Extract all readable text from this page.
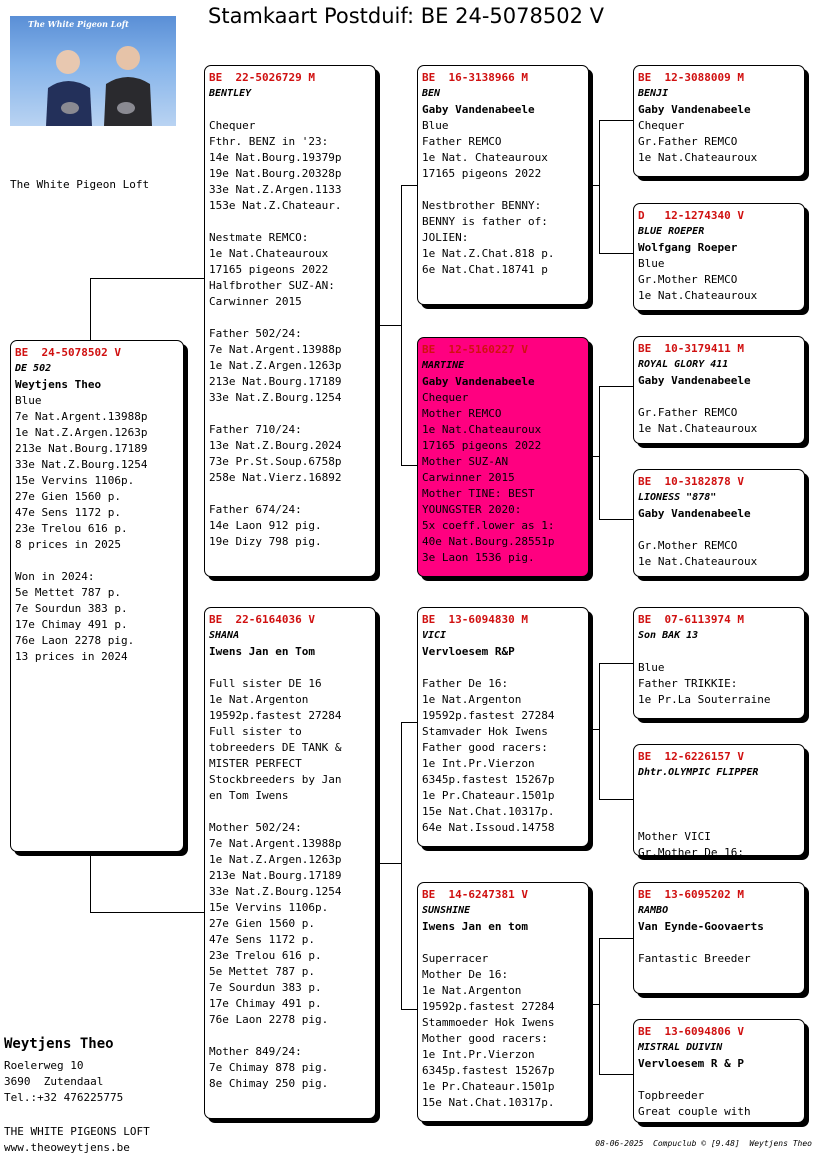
Stamkaart Postduif: BE 24-5078502 V
The White Pigeon Loft
The White Pigeon Loft
BE  24-5078502 V
DE 502
Weytjens Theo
Blue
7e Nat.Argent.13988p
1e Nat.Z.Argen.1263p
213e Nat.Bourg.17189
33e Nat.Z.Bourg.1254
15e Vervins 1106p.
27e Gien 1560 p.
47e Sens 1172 p.
23e Trelou 616 p.
8 prices in 2025
Won in 2024:
5e Mettet 787 p.
7e Sourdun 383 p.
17e Chimay 491 p.
76e Laon 2278 pig.
13 prices in 2024
BE  22-5026729 M
BENTLEY
Chequer
Fthr. BENZ in '23:
14e Nat.Bourg.19379p
19e Nat.Bourg.20328p
33e Nat.Z.Argen.1133
153e Nat.Z.Chateaur.
Nestmate REMCO:
1e Nat.Chateauroux
17165 pigeons 2022
Halfbrother SUZ-AN:
Carwinner 2015
Father 502/24:
7e Nat.Argent.13988p
1e Nat.Z.Argen.1263p
213e Nat.Bourg.17189
33e Nat.Z.Bourg.1254
Father 710/24:
13e Nat.Z.Bourg.2024
73e Pr.St.Soup.6758p
258e Nat.Vierz.16892
Father 674/24:
14e Laon 912 pig.
19e Dizy 798 pig.
BE  22-6164036 V
SHANA
Iwens Jan en Tom
Full sister DE 16
1e Nat.Argenton
19592p.fastest 27284
Full sister to
tobreeders DE TANK &
MISTER PERFECT
Stockbreeders by Jan
en Tom Iwens
Mother 502/24:
7e Nat.Argent.13988p
1e Nat.Z.Argen.1263p
213e Nat.Bourg.17189
33e Nat.Z.Bourg.1254
15e Vervins 1106p.
27e Gien 1560 p.
47e Sens 1172 p.
23e Trelou 616 p.
5e Mettet 787 p.
7e Sourdun 383 p.
17e Chimay 491 p.
76e Laon 2278 pig.
Mother 849/24:
7e Chimay 878 pig.
8e Chimay 250 pig.
BE  16-3138966 M
BEN
Gaby Vandenabeele
Blue
Father REMCO
1e Nat. Chateauroux
17165 pigeons 2022
Nestbrother BENNY:
BENNY is father of:
JOLIEN:
1e Nat.Z.Chat.818 p.
6e Nat.Chat.18741 p
BE  12-5160227 V
MARTINE
Gaby Vandenabeele
Chequer
Mother REMCO
1e Nat.Chateauroux
17165 pigeons 2022
Mother SUZ-AN
Carwinner 2015
Mother TINE: BEST
YOUNGSTER 2020:
5x coeff.lower as 1:
40e Nat.Bourg.28551p
3e Laon 1536 pig.
BE  13-6094830 M
VICI
Vervloesem R&P
Father De 16:
1e Nat.Argenton
19592p.fastest 27284
Stamvader Hok Iwens
Father good racers:
1e Int.Pr.Vierzon
6345p.fastest 15267p
1e Pr.Chateaur.1501p
15e Nat.Chat.10317p.
64e Nat.Issoud.14758
BE  14-6247381 V
SUNSHINE
Iwens Jan en tom
Superracer
Mother De 16:
1e Nat.Argenton
19592p.fastest 27284
Stammoeder Hok Iwens
Mother good racers:
1e Int.Pr.Vierzon
6345p.fastest 15267p
1e Pr.Chateaur.1501p
15e Nat.Chat.10317p.
BE  12-3088009 M
BENJI
Gaby Vandenabeele
Chequer
Gr.Father REMCO
1e Nat.Chateauroux
D   12-1274340 V
BLUE ROEPER
Wolfgang Roeper
Blue
Gr.Mother REMCO
1e Nat.Chateauroux
BE  10-3179411 M
ROYAL GLORY 411
Gaby Vandenabeele
Gr.Father REMCO
1e Nat.Chateauroux
BE  10-3182878 V
LIONESS "878"
Gaby Vandenabeele
Gr.Mother REMCO
1e Nat.Chateauroux
BE  07-6113974 M
Son BAK 13
Blue
Father TRIKKIE:
1e Pr.La Souterraine
BE  12-6226157 V
Dhtr.OLYMPIC FLIPPER
Mother VICI
Gr.Mother De 16:
BE  13-6095202 M
RAMBO
Van Eynde-Goovaerts
Fantastic Breeder
BE  13-6094806 V
MISTRAL DUIVIN
Vervloesem R & P
Topbreeder
Great couple with
Weytjens Theo
Roelerweg 10
3690  Zutendaal
Tel.:+32 476225775
THE WHITE PIGEONS LOFT
www.theoweytjens.be	08-06-2025  Compuclub © [9.48]  Weytjens Theo
